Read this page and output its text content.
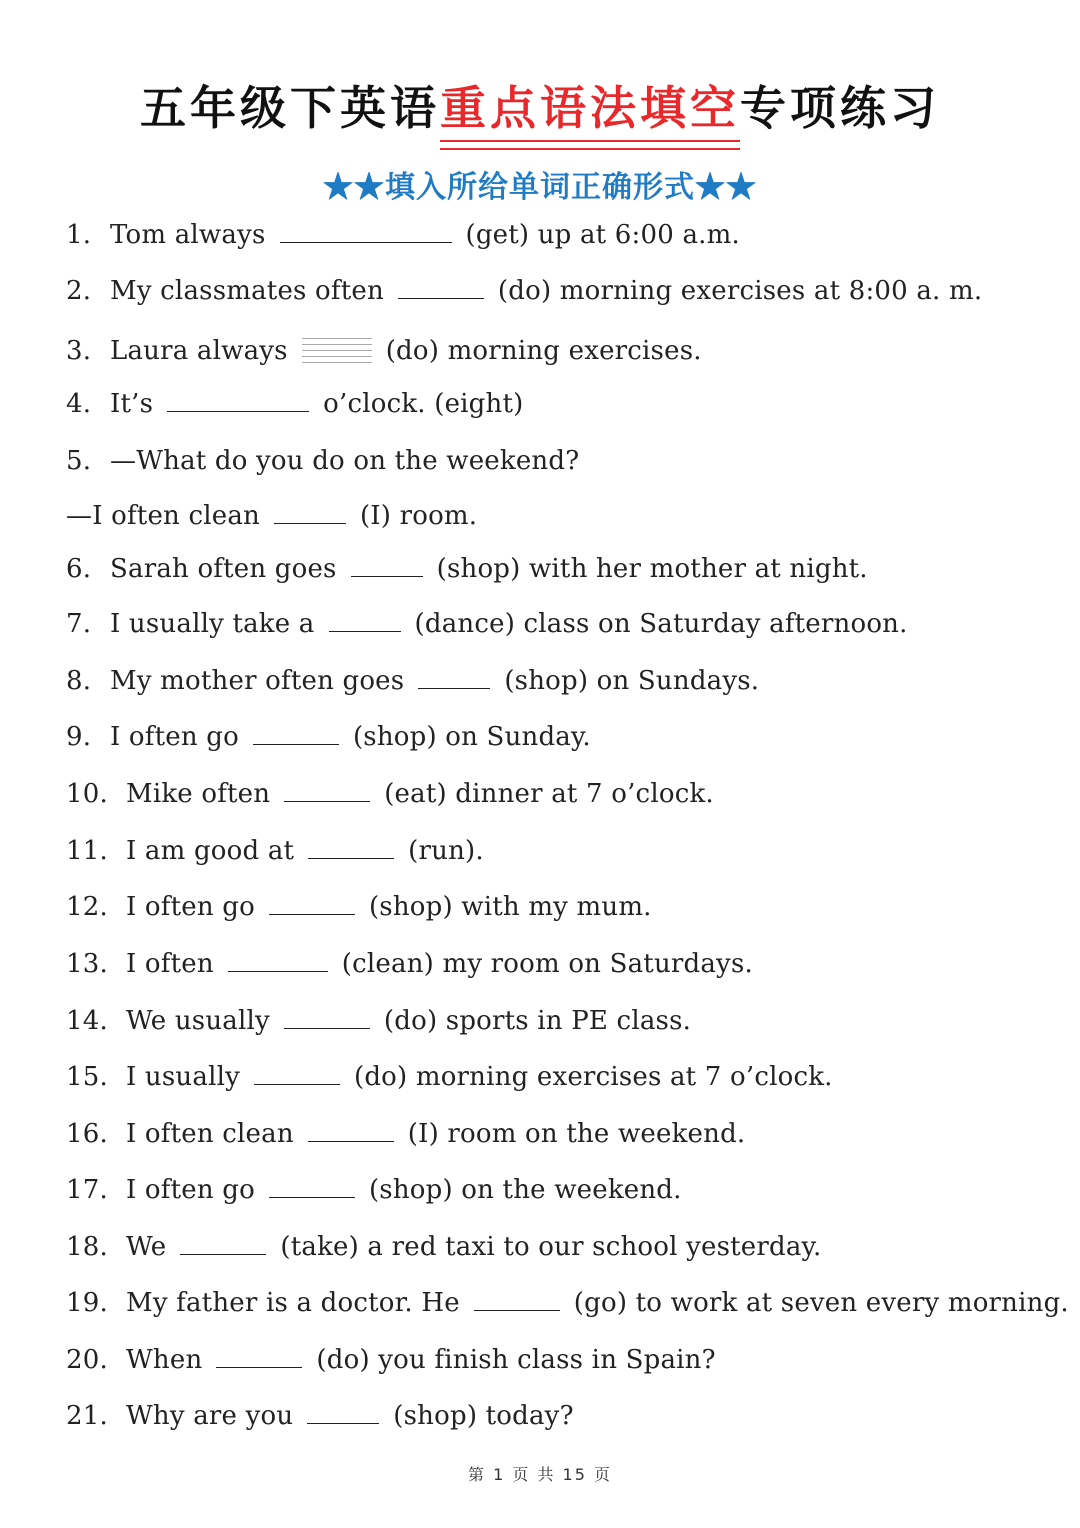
五年级下英语重点语法填空专项练习
★★填入所给单词正确形式★★
1. Tom always	(get) up at 6:00 a.m.
2. My classmates often	(do) morning exercises at 8:00 a. m.
3. Laura always	(do) morning exercises.
4. It’s	o’clock. (eight)
5. —What do you do on the weekend?
—I often clean	(I) room.
6. Sarah often goes	(shop) with her mother at night.
7. I usually take a	(dance) class on Saturday afternoon.
8. My mother often goes	(shop) on Sundays.
9. I often go	(shop) on Sunday.
10. Mike often	(eat) dinner at 7 o’clock.
11. I am good at	(run).
12. I often go	(shop) with my mum.
13. I often	(clean) my room on Saturdays.
14. We usually	(do) sports in PE class.
15. I usually	(do) morning exercises at 7 o’clock.
16. I often clean	(I) room on the weekend.
17. I often go	(shop) on the weekend.
18. We	(take) a red taxi to our school yesterday.
19. My father is a doctor. He	(go) to work at seven every morning.
20. When	(do) you finish class in Spain?
21. Why are you	(shop) today?
第 1 页 共 15 页
